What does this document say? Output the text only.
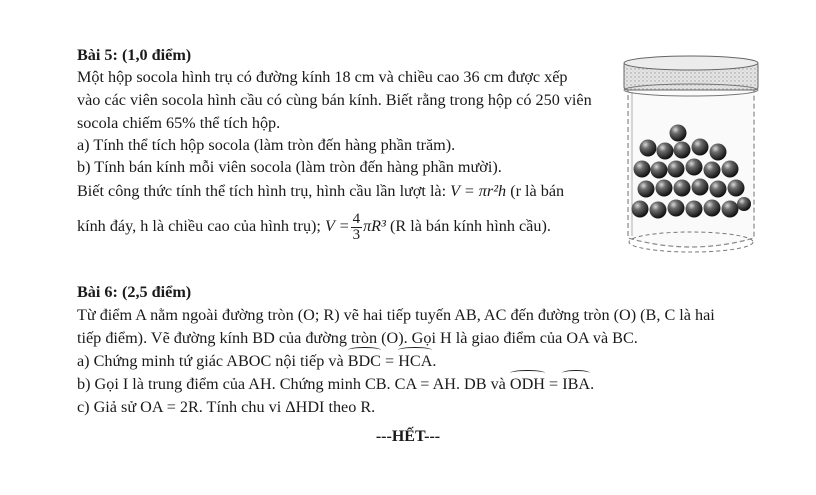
Bài 5: (1,0 điểm)
Một hộp socola hình trụ có đường kính 18 cm và chiều cao 36 cm được xếp
vào các viên socola hình cầu có cùng bán kính. Biết rằng trong hộp có 250 viên
socola chiếm 65% thể tích hộp.
a) Tính thể tích hộp socola (làm tròn đến hàng phần trăm).
b) Tính bán kính mỗi viên socola (làm tròn đến hàng phần mười).
Biết công thức tính thể tích hình trụ, hình cầu lần lượt là: V = πr²h (r là bán
kính đáy, h là chiều cao của hình trụ); $V = \frac{4}{3} \pi R^3$ (R là bán kính hình cầu).
Bài 6: (2,5 điểm)
Từ điểm A nằm ngoài đường tròn (O; R) vẽ hai tiếp tuyến AB, AC đến đường tròn (O) (B, C là hai
tiếp điểm). Vẽ đường kính BD của đường tròn (O). Gọi H là giao điểm của OA và BC.
a) Chứng minh tứ giác ABOC nội tiếp và BDC = HCA.
b) Gọi I là trung điểm của AH. Chứng minh CB. CA = AH. DB và ODH = IBA.
c) Giả sử OA = 2R. Tính chu vi ΔHDI theo R.
---HẾT---
